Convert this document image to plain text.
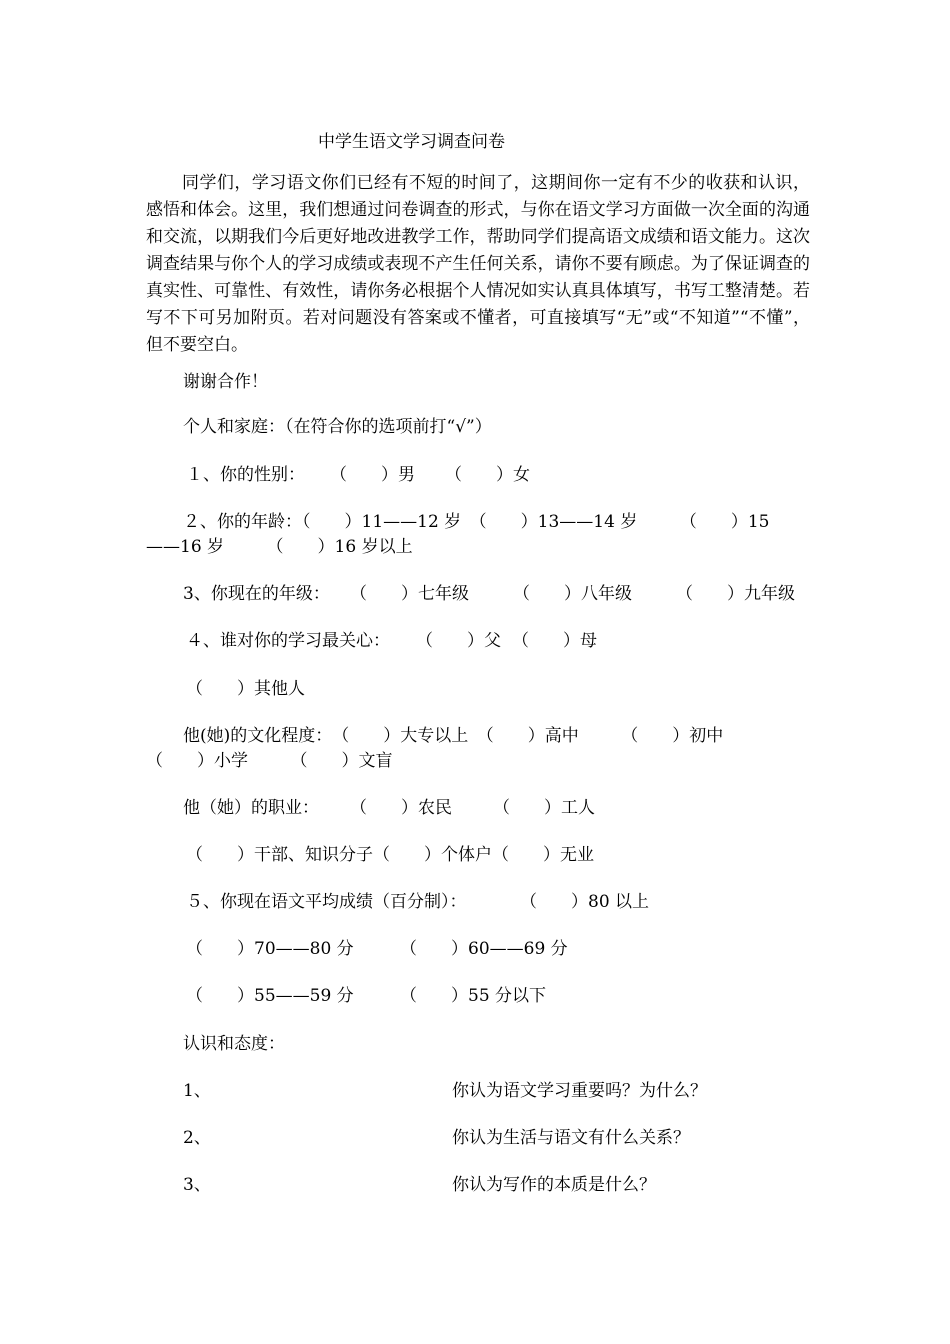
中学生语文学习调查问卷

同学们，学习语文你们已经有不短的时间了，这期间你一定有不少的收获和认识，感悟和体会。这里，我们想通过问卷调查的形式，与你在语文学习方面做一次全面的沟通和交流，以期我们今后更好地改进教学工作，帮助同学们提高语文成绩和语文能力。这次调查结果与你个人的学习成绩或表现不产生任何关系，请你不要有顾虑。为了保证调查的真实性、可靠性、有效性，请你务必根据个人情况如实认真具体填写，书写工整清楚。若写不下可另加附页。若对问题没有答案或不懂者，可直接填写“无”或“不知道”“不懂”，但不要空白。

谢谢合作！
个人和家庭：（在符合你的选项前打“√”）
１、你的性别： （　　）男 （　　）女
２、你的年龄：（　　）11——12 岁　（　　）13——14 岁　　　（　　）15
——16 岁　　　（　　）16 岁以上
3、你现在的年级： （　　）七年级	（　　）八年级	（　　）九年级
４、谁对你的学习最关心： （　　）父 （　　）母
（　　）其他人
他(她)的文化程度：　（　　）大专以上　（　　）高中　　　（　　）初中
（　　）小学　　　（　　）文盲
他（她）的职业： （　　）农民 （　　）工人
（　　）干部、知识分子（　　）个体户（　　）无业
５、你现在语文平均成绩（百分制）：	（　　）80 以上
（　　）70——80 分	（　　）60——69 分
（　　）55——59 分	（　　）55 分以下
认识和态度：
1、	你认为语文学习重要吗？为什么？
2、	你认为生活与语文有什么关系？
3、	你认为写作的本质是什么？
